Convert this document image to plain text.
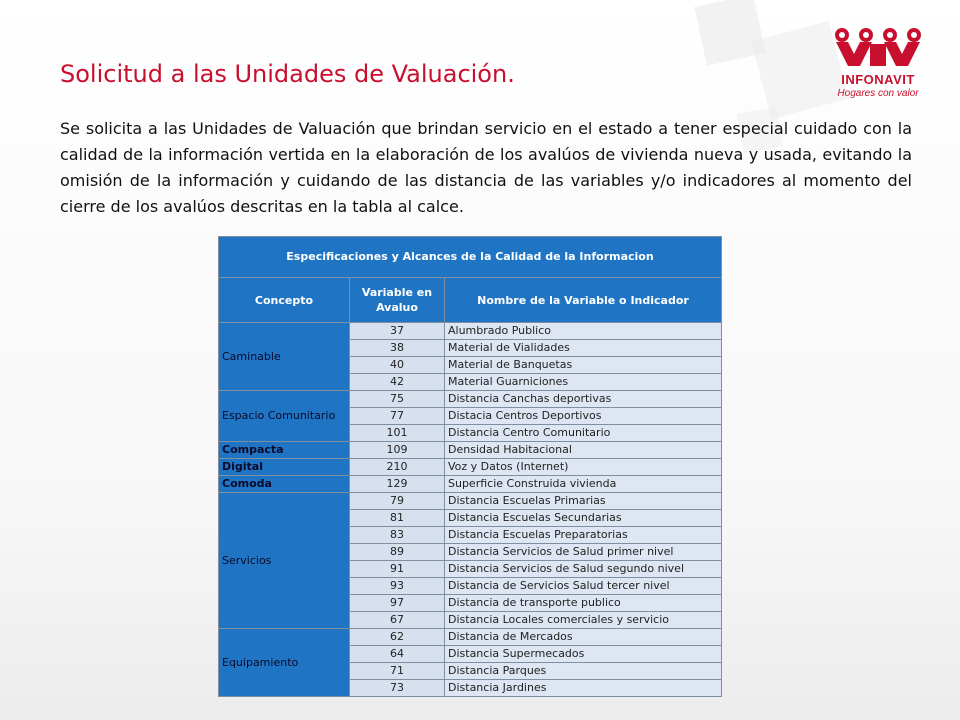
INFONAVIT
Hogares con valor
Solicitud a las Unidades de Valuación.

Se solicita a las Unidades de Valuación que brindan servicio en el estado a tener especial cuidado con la calidad de la información vertida en la elaboración de los avalúos de vivienda nueva y usada, evitando la omisión de la información y cuidando de las distancia de las variables y/o indicadores al momento del cierre de los avalúos descritas en la tabla al calce.

Especificaciones y Alcances de la Calidad de la Informacion		
Concepto	Variable en Avaluo	Nombre de la Variable o Indicador
Caminable	37	Alumbrado Publico
	38	Material de Vialidades
	40	Material de Banquetas
	42	Material Guarniciones
Espacio Comunitario	75	Distancia Canchas deportivas
	77	Distacia Centros Deportivos
	101	Distancia Centro Comunitario
Compacta	109	Densidad Habitacional
Digital	210	Voz y Datos (Internet)
Comoda	129	Superficie Construida vivienda
Servicios	79	Distancia Escuelas Primarias
	81	Distancia Escuelas Secundarias
	83	Distancia Escuelas Preparatorias
	89	Distancia Servicios de Salud primer nivel
	91	Distancia Servicios de Salud segundo nivel
	93	Distancia de Servicios Salud tercer nivel
	97	Distancia de transporte publico
	67	Distancia Locales comerciales y servicio
Equipamiento	62	Distancia de Mercados
	64	Distancia Supermecados
	71	Distancia Parques
	73	Distancia Jardines
